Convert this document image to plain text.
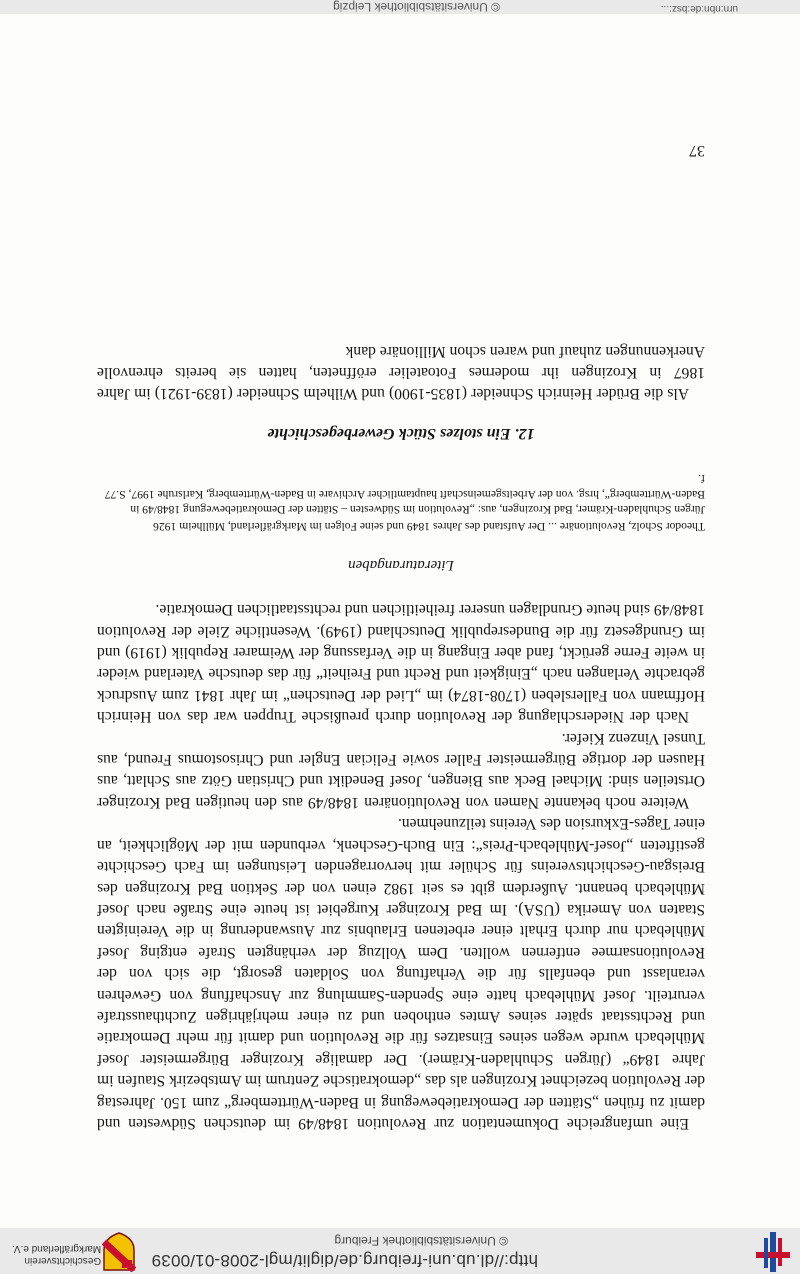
http://dl.ub.uni-freiburg.de/diglit/mgl-2008-01/0039
© Universitätsbibliothek Freiburg
Geschichtsverein
Markgräflerland e.V.
urn:nbn:de:bsz:...
© Universitätsbibliothek Leipzig
Eine umfangreiche Dokumentation zur Revolution 1848/49 im deutschen Südwesten und damit zu frühen „Stätten der Demokratiebewegung in Baden-Württemberg“ zum 150. Jahrestag der Revolution bezeichnet Krozingen als das „demokratische Zentrum im Amtsbezirk Staufen im Jahre 1849“ (Jürgen Schuhladen-Krämer). Der damalige Krozinger Bürgermeister Josef Mühlebach wurde wegen seines Einsatzes für die Revolution und damit für mehr Demokratie und Rechtsstaat später seines Amtes enthoben und zu einer mehrjährigen Zuchthausstrafe verurteilt. Josef Mühlebach hatte eine Spenden-Sammlung zur Anschaffung von Gewehren veranlasst und ebenfalls für die Verhaftung von Soldaten gesorgt, die sich von der Revolutionsarmee entfernen wollten. Dem Vollzug der verhängten Strafe entging Josef Mühlebach nur durch Erhalt einer erbetenen Erlaubnis zur Auswanderung in die Vereinigten Staaten von Amerika (USA). Im Bad Krozinger Kurgebiet ist heute eine Straße nach Josef Mühlebach benannt. Außerdem gibt es seit 1982 einen von der Sektion Bad Krozingen des Breisgau-Geschichtsvereins für Schüler mit hervorragenden Leistungen im Fach Geschichte gestifteten „Josef-Mühlebach-Preis“: Ein Buch-Geschenk, verbunden mit der Möglichkeit, an einer Tages-Exkursion des Vereins teilzunehmen.
Weitere noch bekannte Namen von Revolutionären 1848/49 aus den heutigen Bad Krozinger Ortsteilen sind: Michael Beck aus Biengen, Josef Benedikt und Christian Götz aus Schlatt, aus Hausen der dortige Bürgermeister Faller sowie Felician Engler und Chrisostomus Freund, aus Tunsel Vinzenz Kiefer.
Nach der Niederschlagung der Revolution durch preußische Truppen war das von Heinrich Hoffmann von Fallersleben (1708-1874) im „Lied der Deutschen“ im Jahr 1841 zum Ausdruck gebrachte Verlangen nach „Einigkeit und Recht und Freiheit“ für das deutsche Vaterland wieder in weite Ferne gerückt, fand aber Eingang in die Verfassung der Weimarer Republik (1919) und im Grundgesetz für die Bundesrepublik Deutschland (1949). Wesentliche Ziele der Revolution 1848/49 sind heute Grundlagen unserer freiheitlichen und rechtsstaatlichen Demokratie.
Literaturangaben
Theodor Scholz, Revolutionäre ... Der Aufstand des Jahres 1849 und seine Folgen im Markgräflerland, Müllheim 1926
Jürgen Schuhladen-Krämer, Bad Krozingen, aus: „Revolution im Südwesten – Stätten der Demokratiebewegung 1848/49 in Baden-Württemberg“, hrsg. von der Arbeitsgemeinschaft hauptamtlicher Archivare in Baden-Württemberg, Karlsruhe 1997, S.77 f.
12. Ein stolzes Stück Gewerbegeschichte
Als die Brüder Heinrich Schneider (1835-1900) und Wilhelm Schneider (1839-1921) im Jahre 1867 in Krozingen ihr modernes Fotoatelier eröffneten, hatten sie bereits ehrenvolle Anerkennungen zuhauf und waren schon Millionäre dank
37
